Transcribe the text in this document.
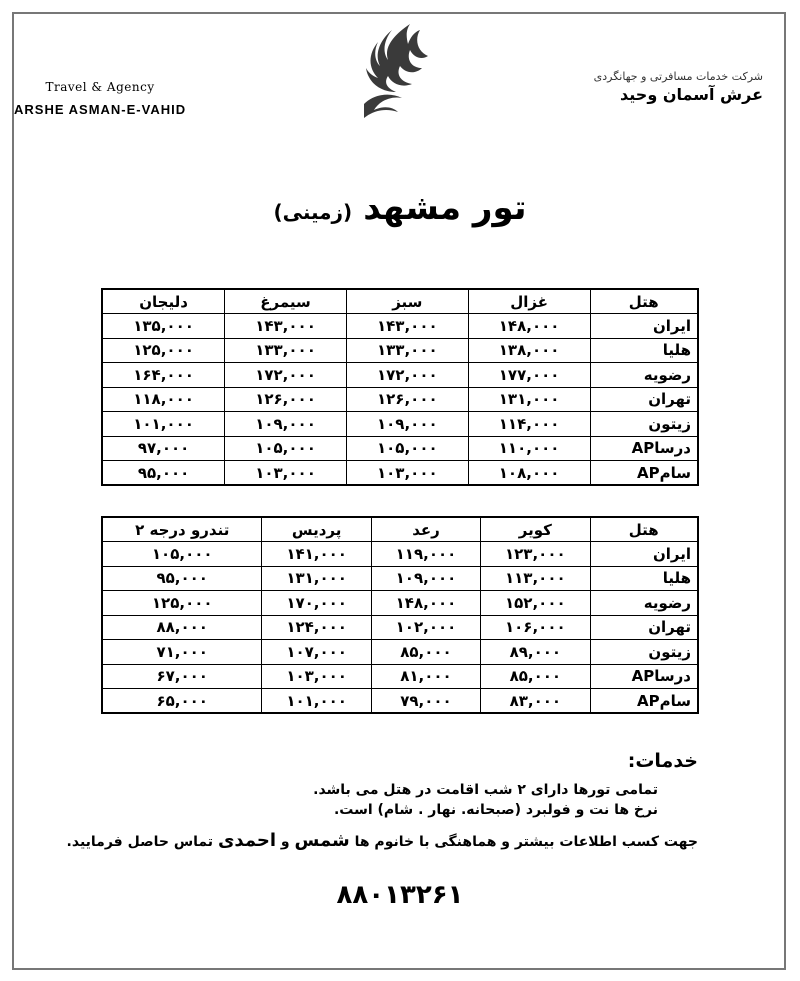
Travel & Agency
ARSHE ASMAN-E-VAHID
شرکت خدمات مسافرتی و جهانگردی
عرش آسمان وحید
تور مشهد (زمینی)
هتل	غزال	سبز	سیمرغ	دلیجان
ایران	۱۴۸,۰۰۰	۱۴۳,۰۰۰	۱۴۳,۰۰۰	۱۳۵,۰۰۰
هلیا	۱۳۸,۰۰۰	۱۳۳,۰۰۰	۱۳۳,۰۰۰	۱۲۵,۰۰۰
رضویه	۱۷۷,۰۰۰	۱۷۲,۰۰۰	۱۷۲,۰۰۰	۱۶۴,۰۰۰
تهران	۱۳۱,۰۰۰	۱۲۶,۰۰۰	۱۲۶,۰۰۰	۱۱۸,۰۰۰
زیتون	۱۱۴,۰۰۰	۱۰۹,۰۰۰	۱۰۹,۰۰۰	۱۰۱,۰۰۰
درساAP	۱۱۰,۰۰۰	۱۰۵,۰۰۰	۱۰۵,۰۰۰	۹۷,۰۰۰
سامAP	۱۰۸,۰۰۰	۱۰۳,۰۰۰	۱۰۳,۰۰۰	۹۵,۰۰۰
هتل	کویر	رعد	پردیس	تندرو درجه ۲
ایران	۱۲۳,۰۰۰	۱۱۹,۰۰۰	۱۴۱,۰۰۰	۱۰۵,۰۰۰
هلیا	۱۱۳,۰۰۰	۱۰۹,۰۰۰	۱۳۱,۰۰۰	۹۵,۰۰۰
رضویه	۱۵۲,۰۰۰	۱۴۸,۰۰۰	۱۷۰,۰۰۰	۱۲۵,۰۰۰
تهران	۱۰۶,۰۰۰	۱۰۲,۰۰۰	۱۲۴,۰۰۰	۸۸,۰۰۰
زیتون	۸۹,۰۰۰	۸۵,۰۰۰	۱۰۷,۰۰۰	۷۱,۰۰۰
درساAP	۸۵,۰۰۰	۸۱,۰۰۰	۱۰۳,۰۰۰	۶۷,۰۰۰
سامAP	۸۳,۰۰۰	۷۹,۰۰۰	۱۰۱,۰۰۰	۶۵,۰۰۰
خدمات:
تمامی تورها دارای ۲ شب اقامت در هتل می باشد.
نرخ ها نت و فولبرد (صبحانه. نهار . شام) است.
جهت کسب اطلاعات بیشتر و هماهنگی با خانوم ها شمس و احمدی تماس حاصل فرمایید.
۸۸۰۱۳۲۶۱
